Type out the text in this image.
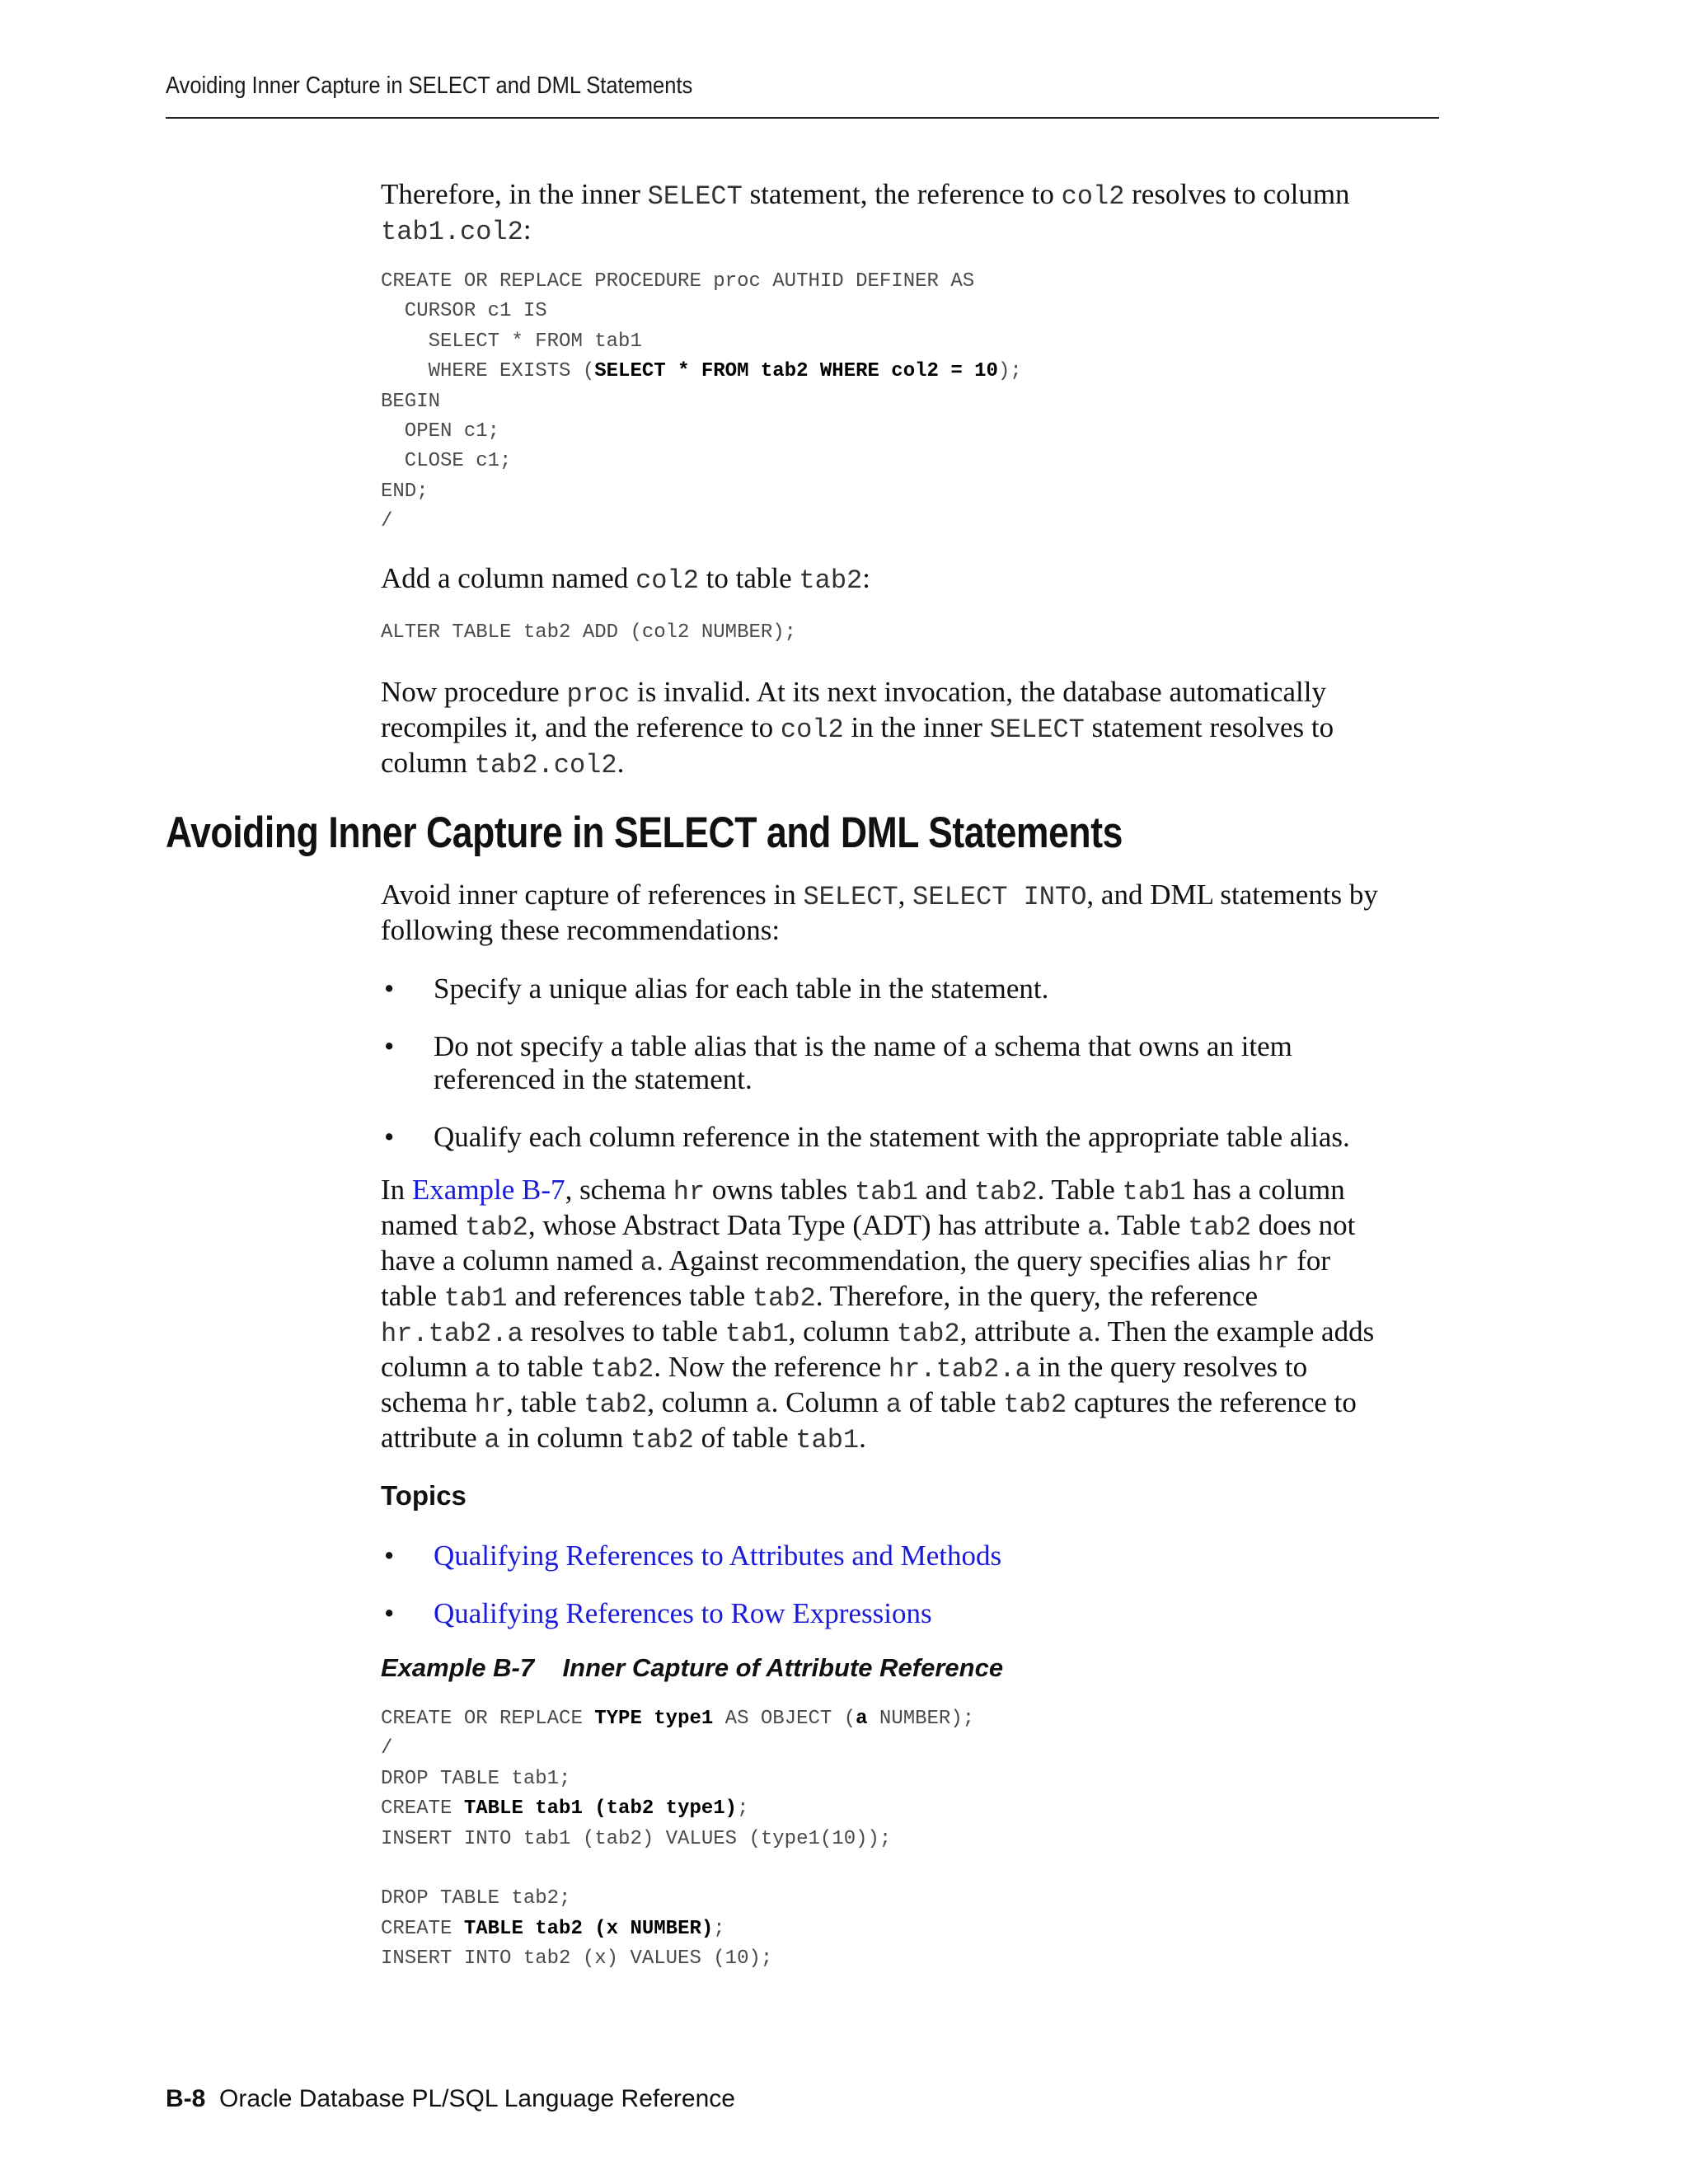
Avoiding Inner Capture in SELECT and DML Statements

Therefore, in the inner SELECT statement, the reference to col2 resolves to column

tab1.col2:

CREATE OR REPLACE PROCEDURE proc AUTHID DEFINER AS
CURSOR c1 IS
SELECT * FROM tab1
WHERE EXISTS (SELECT * FROM tab2 WHERE col2 = 10);
BEGIN
OPEN c1;
CLOSE c1;
END;
/

Add a column named col2 to table tab2:

ALTER TABLE tab2 ADD (col2 NUMBER);

Now procedure proc is invalid. At its next invocation, the database automatically

recompiles it, and the reference to col2 in the inner SELECT statement resolves to

column tab2.col2.

Avoiding Inner Capture in SELECT and DML Statements

Avoid inner capture of references in SELECT, SELECT INTO, and DML statements by

following these recommendations:

• Specify a unique alias for each table in the statement.
• Do not specify a table alias that is the name of a schema that owns an item
referenced in the statement.
• Qualify each column reference in the statement with the appropriate table alias.

In Example B-7, schema hr owns tables tab1 and tab2. Table tab1 has a column

named tab2, whose Abstract Data Type (ADT) has attribute a. Table tab2 does not

have a column named a. Against recommendation, the query specifies alias hr for

table tab1 and references table tab2. Therefore, in the query, the reference

hr.tab2.a resolves to table tab1, column tab2, attribute a. Then the example adds

column a to table tab2. Now the reference hr.tab2.a in the query resolves to

schema hr, table tab2, column a. Column a of table tab2 captures the reference to

attribute a in column tab2 of table tab1.

Topics
• Qualifying References to Attributes and Methods
• Qualifying References to Row Expressions
Example B-7 Inner Capture of Attribute Reference
CREATE OR REPLACE TYPE type1 AS OBJECT (a NUMBER);
/
DROP TABLE tab1;
CREATE TABLE tab1 (tab2 type1);
INSERT INTO tab1 (tab2) VALUES (type1(10));

DROP TABLE tab2;
CREATE TABLE tab2 (x NUMBER);
INSERT INTO tab2 (x) VALUES (10);
B-8 Oracle Database PL/SQL Language Reference
